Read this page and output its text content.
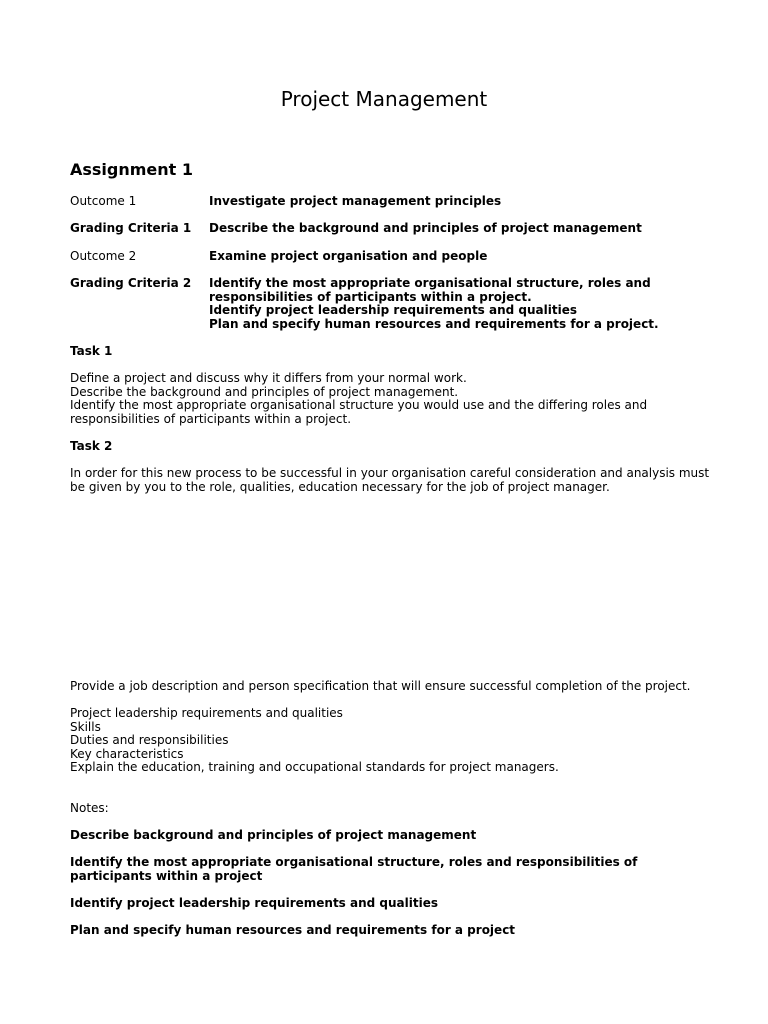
Project Management
Assignment 1
Outcome 1	Investigate project management principles
Grading Criteria 1	Describe the background and principles of project management
Outcome 2	Examine project organisation and people
Grading Criteria 2	Identify the most appropriate organisational structure, roles and
responsibilities of participants within a project.
Identify project leadership requirements and qualities
Plan and specify human resources and requirements for a project.
Task 1
Define a project and discuss why it differs from your normal work.
Describe the background and principles of project management.
Identify the most appropriate organisational structure you would use and the differing roles and
responsibilities of participants within a project.
Task 2
In order for this new process to be successful in your organisation careful consideration and analysis must
be given by you to the role, qualities, education necessary for the job of project manager.
Provide a job description and person specification that will ensure successful completion of the project.
Project leadership requirements and qualities
Skills
Duties and responsibilities
Key characteristics
Explain the education, training and occupational standards for project managers.
Notes:
Describe background and principles of project management
Identify the most appropriate organisational structure, roles and responsibilities of
participants within a project
Identify project leadership requirements and qualities
Plan and specify human resources and requirements for a project
